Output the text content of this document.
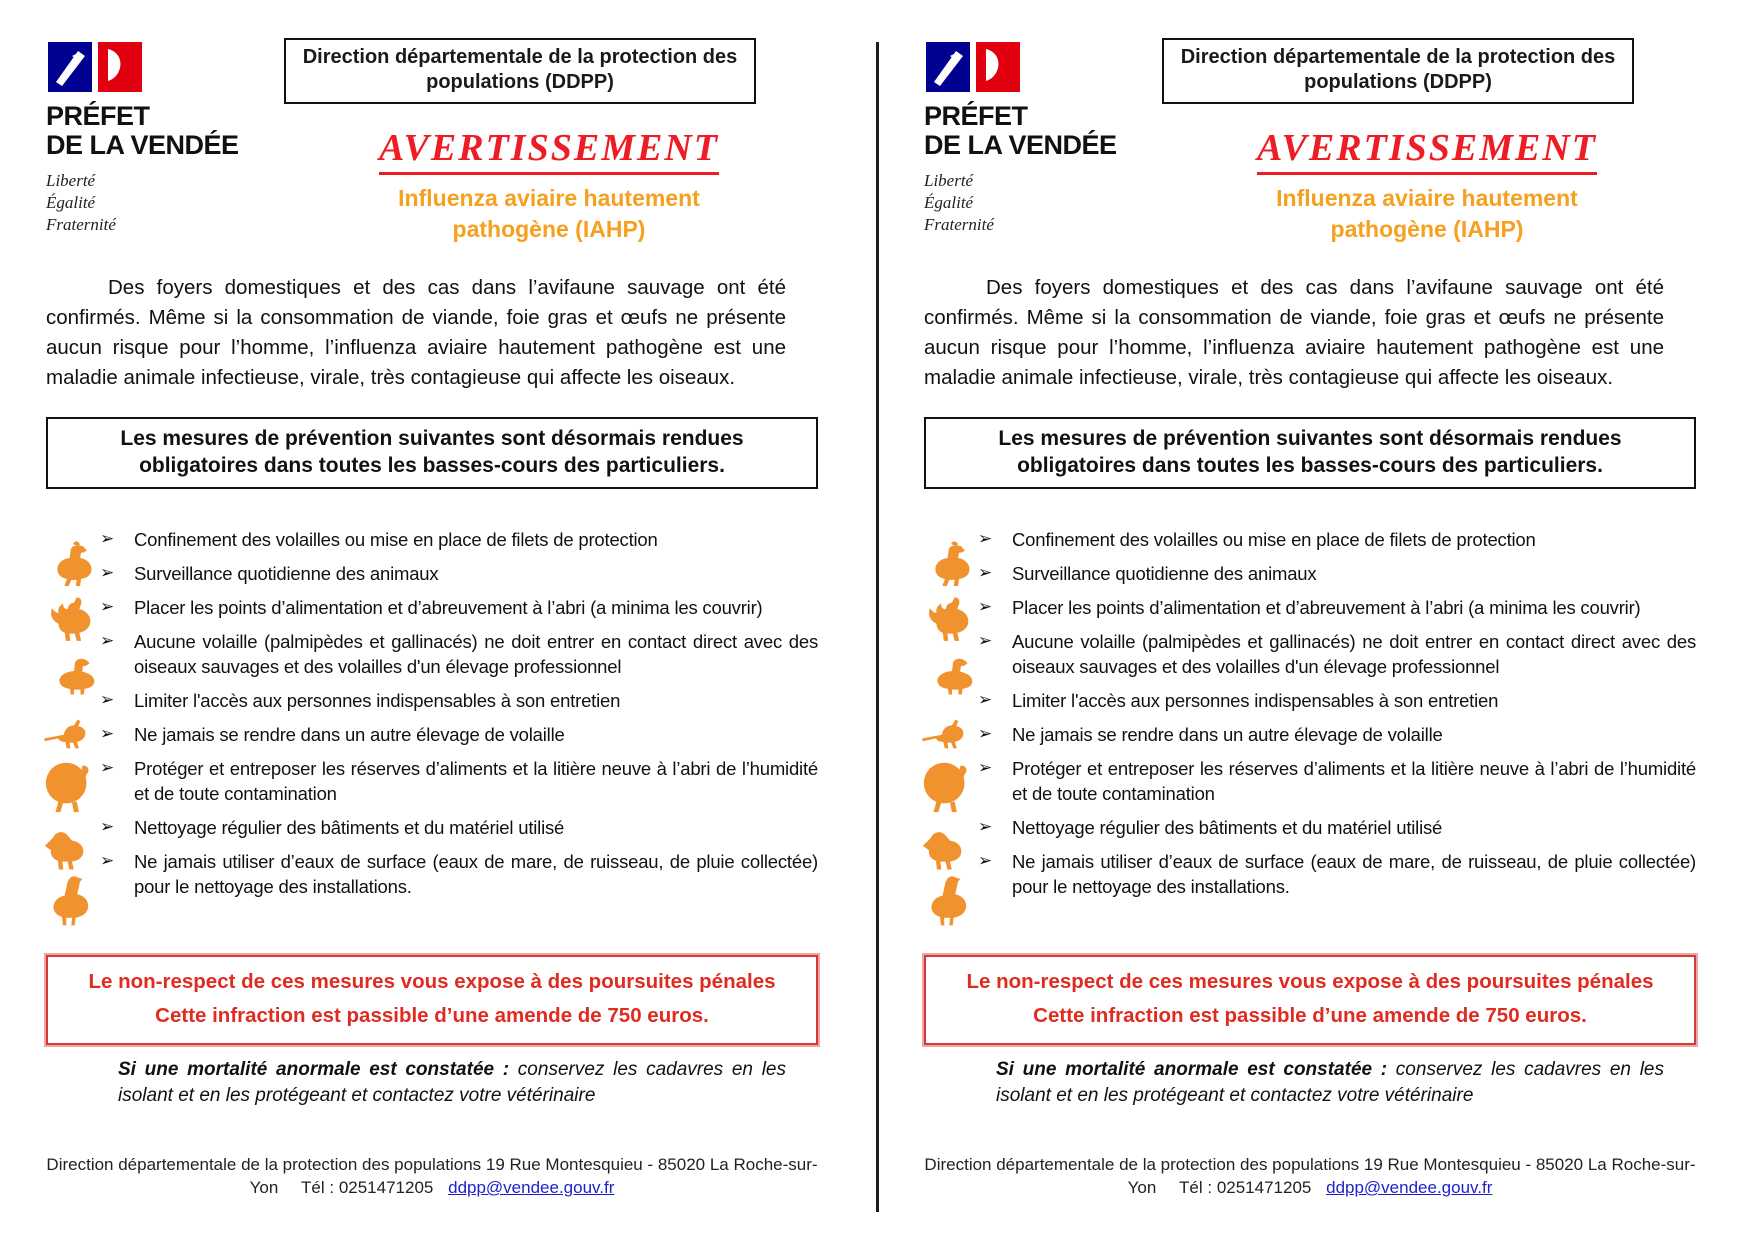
PRÉFET
DE LA VENDÉE
Liberté
Égalité
Fraternité
Direction départementale de la protection des populations (DDPP)
AVERTISSEMENT
Influenza aviaire hautement pathogène (IAHP)

Des foyers domestiques et des cas dans l’avifaune sauvage ont été confirmés. Même si la consommation de viande, foie gras et œufs ne présente aucun risque pour l’homme, l’influenza aviaire hautement pathogène est une maladie animale infectieuse, virale, très contagieuse qui affecte les oiseaux.

Les mesures de prévention suivantes sont désormais rendues obligatoires dans toutes les basses-cours des particuliers.
➢ Confinement des volailles ou mise en place de filets de protection
➢ Surveillance quotidienne des animaux
➢ Placer les points d’alimentation et d’abreuvement à l’abri (a minima les couvrir)
➢ Aucune volaille (palmipèdes et gallinacés) ne doit entrer en contact direct avec des oiseaux sauvages et des volailles d'un élevage professionnel
➢ Limiter l'accès aux personnes indispensables à son entretien
➢ Ne jamais se rendre dans un autre élevage de volaille
➢ Protéger et entreposer les réserves d’aliments et la litière neuve à l’abri de l’humidité et de toute contamination
➢ Nettoyage régulier des bâtiments et du matériel utilisé
➢ Ne jamais utiliser d’eaux de surface (eaux de mare, de ruisseau, de pluie collectée) pour le nettoyage des installations.
Le non-respect de ces mesures vous expose à des poursuites pénales
Cette infraction est passible d’une amende de 750 euros.

Si une mortalité anormale est constatée : conservez les cadavres en les isolant et en les protégeant et contactez votre vétérinaire

Direction départementale de la protection des populations 19 Rue Montesquieu - 85020 La Roche-sur-Yon Tél : 0251471205 ddpp@vendee.gouv.fr
PRÉFET
DE LA VENDÉE
Liberté
Égalité
Fraternité
Direction départementale de la protection des populations (DDPP)
AVERTISSEMENT
Influenza aviaire hautement pathogène (IAHP)

Des foyers domestiques et des cas dans l’avifaune sauvage ont été confirmés. Même si la consommation de viande, foie gras et œufs ne présente aucun risque pour l’homme, l’influenza aviaire hautement pathogène est une maladie animale infectieuse, virale, très contagieuse qui affecte les oiseaux.

Les mesures de prévention suivantes sont désormais rendues obligatoires dans toutes les basses-cours des particuliers.
➢ Confinement des volailles ou mise en place de filets de protection
➢ Surveillance quotidienne des animaux
➢ Placer les points d’alimentation et d’abreuvement à l’abri (a minima les couvrir)
➢ Aucune volaille (palmipèdes et gallinacés) ne doit entrer en contact direct avec des oiseaux sauvages et des volailles d'un élevage professionnel
➢ Limiter l'accès aux personnes indispensables à son entretien
➢ Ne jamais se rendre dans un autre élevage de volaille
➢ Protéger et entreposer les réserves d’aliments et la litière neuve à l’abri de l’humidité et de toute contamination
➢ Nettoyage régulier des bâtiments et du matériel utilisé
➢ Ne jamais utiliser d’eaux de surface (eaux de mare, de ruisseau, de pluie collectée) pour le nettoyage des installations.
Le non-respect de ces mesures vous expose à des poursuites pénales
Cette infraction est passible d’une amende de 750 euros.

Si une mortalité anormale est constatée : conservez les cadavres en les isolant et en les protégeant et contactez votre vétérinaire

Direction départementale de la protection des populations 19 Rue Montesquieu - 85020 La Roche-sur-Yon Tél : 0251471205 ddpp@vendee.gouv.fr
